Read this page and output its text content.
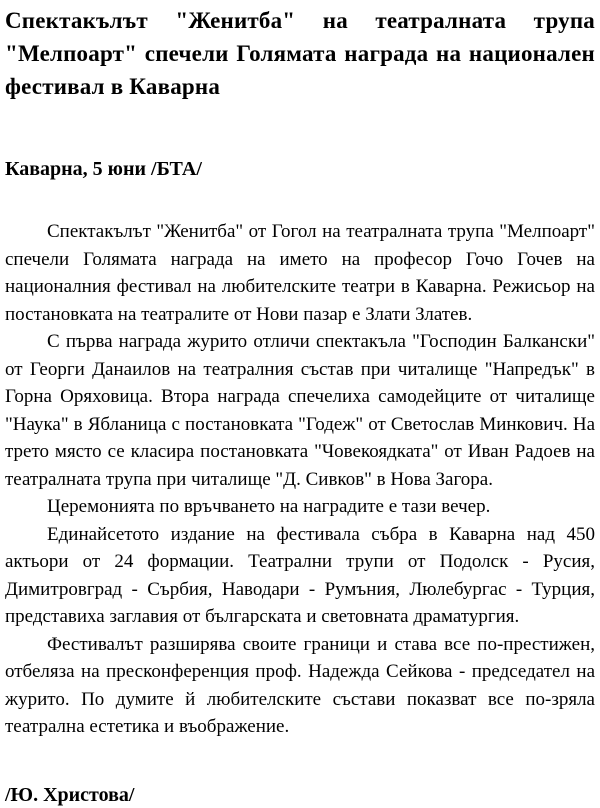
Спектакълът "Женитба" на театралната трупа "Мелпоарт" спечели Голямата награда на национален фестивал в Каварна

Каварна, 5 юни /БТА/

Спектакълът "Женитба" от Гогол на театралната трупа "Мелпоарт" спечели Голямата награда на името на професор Гочо Гочев на националния фестивал на любителските театри в Каварна. Режисьор на постановката на театралите от Нови пазар е Злати Златев.

С първа награда журито отличи спектакъла "Господин Балкански" от Георги Данаилов на театралния състав при читалище "Напредък" в Горна Оряховица. Втора награда спечелиха самодейците от читалище "Наука" в Ябланица с постановката "Годеж" от Светослав Минкович. На трето място се класира постановката "Човекоядката" от Иван Радоев на театралната трупа при читалище "Д. Сивков" в Нова Загора.

Церемонията по връчването на наградите е тази вечер.

Единайсетото издание на фестивала събра в Каварна над 450 актьори от 24 формации. Театрални трупи от Подолск - Русия, Димитровград - Сърбия, Наводари - Румъния, Люлебургас - Турция, представиха заглавия от българската и световната драматургия.

Фестивалът разширява своите граници и става все по-престижен, отбеляза на пресконференция проф. Надежда Сейкова - председател на журито. По думите й любителските състави показват все по-зряла театрална естетика и въображение.

/Ю. Христова/
